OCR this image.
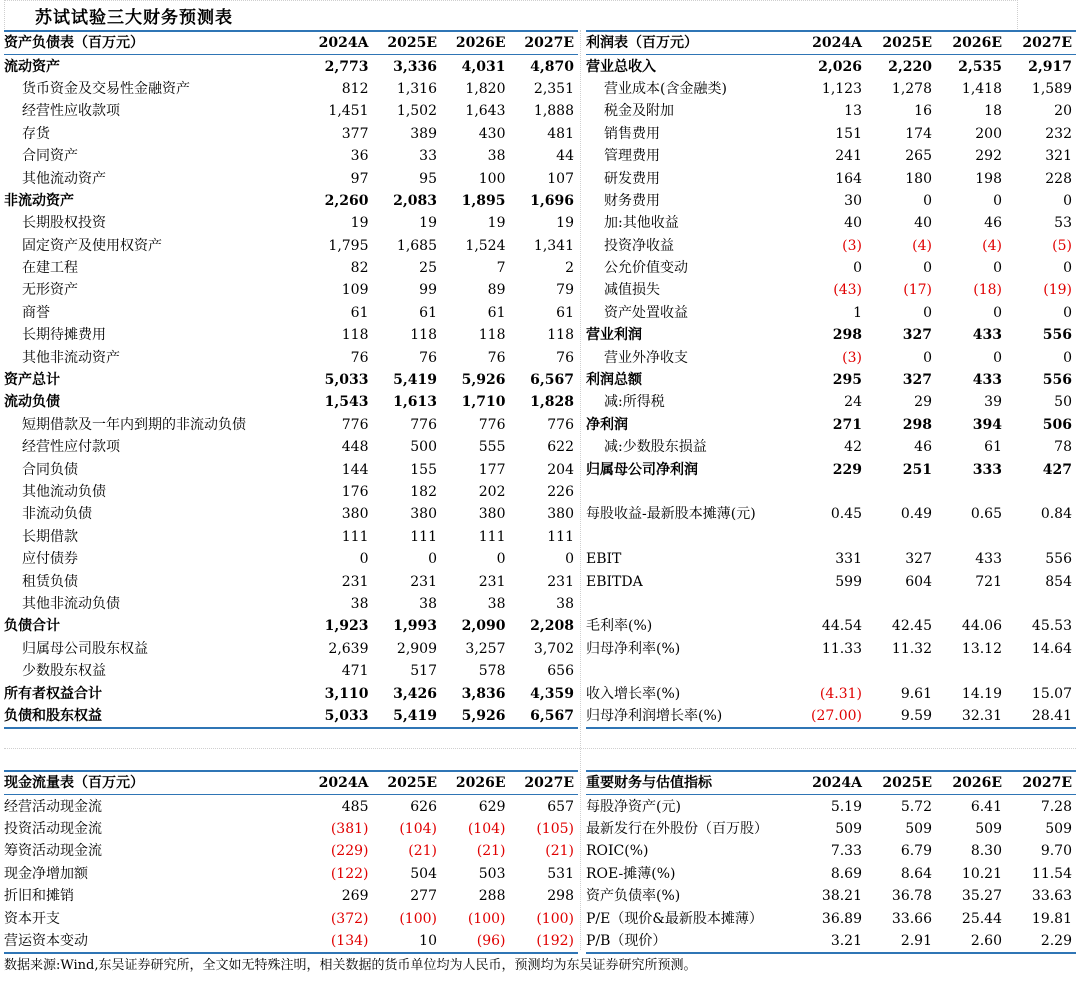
苏试试验三大财务预测表
资产负债表（百万元）	2024A	2025E	2026E	2027E
流动资产	2,773	3,336	4,031	4,870
货币资金及交易性金融资产	812	1,316	1,820	2,351
经营性应收款项	1,451	1,502	1,643	1,888
存货	377	389	430	481
合同资产	36	33	38	44
其他流动资产	97	95	100	107
非流动资产	2,260	2,083	1,895	1,696
长期股权投资	19	19	19	19
固定资产及使用权资产	1,795	1,685	1,524	1,341
在建工程	82	25	7	2
无形资产	109	99	89	79
商誉	61	61	61	61
长期待摊费用	118	118	118	118
其他非流动资产	76	76	76	76
资产总计	5,033	5,419	5,926	6,567
流动负债	1,543	1,613	1,710	1,828
短期借款及一年内到期的非流动负债	776	776	776	776
经营性应付款项	448	500	555	622
合同负债	144	155	177	204
其他流动负债	176	182	202	226
非流动负债	380	380	380	380
长期借款	111	111	111	111
应付债券	0	0	0	0
租赁负债	231	231	231	231
其他非流动负债	38	38	38	38
负债合计	1,923	1,993	2,090	2,208
归属母公司股东权益	2,639	2,909	3,257	3,702
少数股东权益	471	517	578	656
所有者权益合计	3,110	3,426	3,836	4,359
负债和股东权益	5,033	5,419	5,926	6,567
利润表（百万元）	2024A	2025E	2026E	2027E
营业总收入	2,026	2,220	2,535	2,917
营业成本(含金融类)	1,123	1,278	1,418	1,589
税金及附加	13	16	18	20
销售费用	151	174	200	232
管理费用	241	265	292	321
研发费用	164	180	198	228
财务费用	30	0	0	0
加:其他收益	40	40	46	53
投资净收益	(3)	(4)	(4)	(5)
公允价值变动	0	0	0	0
减值损失	(43)	(17)	(18)	(19)
资产处置收益	1	0	0	0
营业利润	298	327	433	556
营业外净收支	(3)	0	0	0
利润总额	295	327	433	556
减:所得税	24	29	39	50
净利润	271	298	394	506
减:少数股东损益	42	46	61	78
归属母公司净利润	229	251	333	427

每股收益-最新股本摊薄(元)	0.45	0.49	0.65	0.84

EBIT	331	327	433	556
EBITDA	599	604	721	854

毛利率(%)	44.54	42.45	44.06	45.53
归母净利率(%)	11.33	11.32	13.12	14.64

收入增长率(%)	(4.31)	9.61	14.19	15.07
归母净利润增长率(%)	(27.00)	9.59	32.31	28.41
现金流量表（百万元）	2024A	2025E	2026E	2027E
经营活动现金流	485	626	629	657
投资活动现金流	(381)	(104)	(104)	(105)
筹资活动现金流	(229)	(21)	(21)	(21)
现金净增加额	(122)	504	503	531
折旧和摊销	269	277	288	298
资本开支	(372)	(100)	(100)	(100)
营运资本变动	(134)	10	(96)	(192)
重要财务与估值指标	2024A	2025E	2026E	2027E
每股净资产(元)	5.19	5.72	6.41	7.28
最新发行在外股份（百万股）	509	509	509	509
ROIC(%)	7.33	6.79	8.30	9.70
ROE-摊薄(%)	8.69	8.64	10.21	11.54
资产负债率(%)	38.21	36.78	35.27	33.63
P/E（现价&最新股本摊薄）	36.89	33.66	25.44	19.81
P/B（现价）	3.21	2.91	2.60	2.29
数据来源:Wind,东吴证券研究所，全文如无特殊注明，相关数据的货币单位均为人民币，预测均为东吴证券研究所预测。
